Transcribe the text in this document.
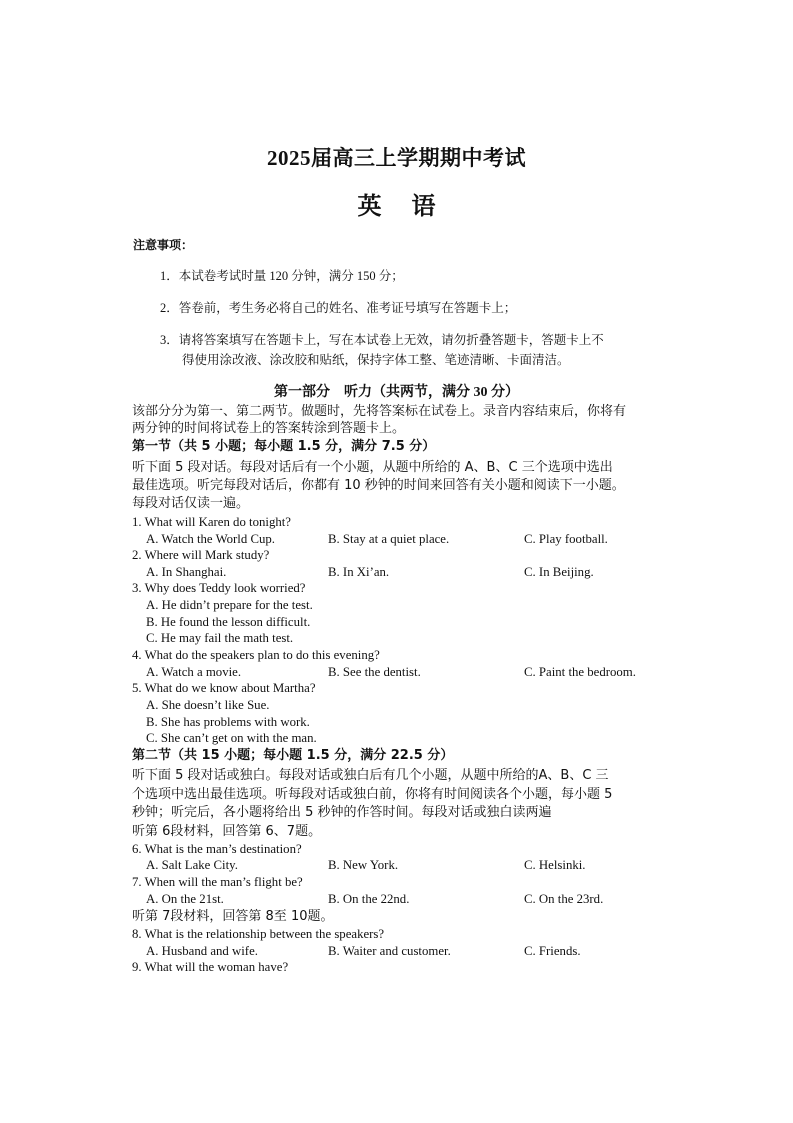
2025届高三上学期期中考试
英语
注意事项：
1．本试卷考试时量 120 分钟，满分 150 分；
2．答卷前，考生务必将自己的姓名、准考证号填写在答题卡上；
3．请将答案填写在答题卡上，写在本试卷上无效，请勿折叠答题卡，答题卡上不
得使用涂改液、涂改胶和贴纸，保持字体工整、笔迹清晰、卡面清洁。
第一部分　听力（共两节，满分 30 分）
该部分分为第一、第二两节。做题时，先将答案标在试卷上。录音内容结束后，你将有
两分钟的时间将试卷上的答案转涂到答题卡上。
第一节（共 5 小题；每小题 1.5 分，满分 7.5 分）
听下面 5 段对话。每段对话后有一个小题，从题中所给的 A、B、C 三个选项中选出
最佳选项。听完每段对话后，你都有 10 秒钟的时间来回答有关小题和阅读下一小题。
每段对话仅读一遍。
1. What will Karen do tonight?
A. Watch the World Cup.	B. Stay at a quiet place.	C. Play football.
2. Where will Mark study?
A. In Shanghai.	B. In Xi’an.	C. In Beijing.
3. Why does Teddy look worried?
A. He didn’t prepare for the test.
B. He found the lesson difficult.
C. He may fail the math test.
4. What do the speakers plan to do this evening?
A. Watch a movie.	B. See the dentist.	C. Paint the bedroom.
5. What do we know about Martha?
A. She doesn’t like Sue.
B. She has problems with work.
C. She can’t get on with the man.
第二节（共 15 小题；每小题 1.5 分，满分 22.5 分）
听下面 5 段对话或独白。每段对话或独白后有几个小题，从题中所给的A、B、C 三
个选项中选出最佳选项。听每段对话或独白前，你将有时间阅读各个小题，每小题 5
秒钟；听完后，各小题将给出 5 秒钟的作答时间。每段对话或独白读两遍
听第 6段材料，回答第 6、7题。
6. What is the man’s destination?
A. Salt Lake City.	B. New York.	C. Helsinki.
7. When will the man’s flight be?
A. On the 21st.	B. On the 22nd.	C. On the 23rd.
听第 7段材料，回答第 8至 10题。
8. What is the relationship between the speakers?
A. Husband and wife.	B. Waiter and customer.	C. Friends.
9. What will the woman have?
